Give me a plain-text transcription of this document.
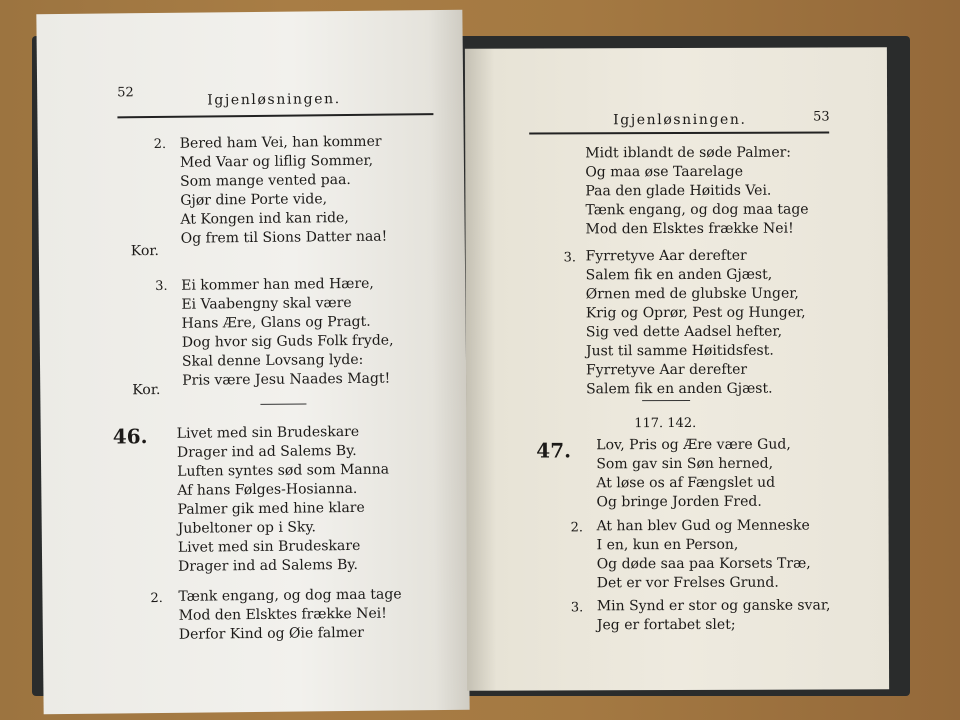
52	Igjenløsningen.
2. Bered ham Vei, han kommer
Med Vaar og liflig Sommer,
Som mange vented paa.
Gjør dine Porte vide,
At Kongen ind kan ride,
Og frem til Sions Datter naa!
Kor.
3. Ei kommer han med Hære,
Ei Vaabengny skal være
Hans Ære, Glans og Pragt.
Dog hvor sig Guds Folk fryde,
Skal denne Lovsang lyde:
Pris være Jesu Naades Magt!
Kor.
46. Livet med sin Brudeskare
Drager ind ad Salems By.
Luften syntes sød som Manna
Af hans Følges-Hosianna.
Palmer gik med hine klare
Jubeltoner op i Sky.
Livet med sin Brudeskare
Drager ind ad Salems By.
2. Tænk engang, og dog maa tage
Mod den Elsktes frække Nei!
Derfor Kind og Øie falmer
Igjenløsningen.	53
Midt iblandt de søde Palmer:
Og maa øse Taarelage
Paa den glade Høitids Vei.
Tænk engang, og dog maa tage
Mod den Elsktes frække Nei!
3. Fyrretyve Aar derefter
Salem fik en anden Gjæst,
Ørnen med de glubske Unger,
Krig og Oprør, Pest og Hunger,
Sig ved dette Aadsel hefter,
Just til samme Høitidsfest.
Fyrretyve Aar derefter
Salem fik en anden Gjæst.
117. 142.
47. Lov, Pris og Ære være Gud,
Som gav sin Søn herned,
At løse os af Fængslet ud
Og bringe Jorden Fred.
2. At han blev Gud og Menneske
I en, kun en Person,
Og døde saa paa Korsets Træ,
Det er vor Frelses Grund.
3. Min Synd er stor og ganske svar,
Jeg er fortabet slet;
